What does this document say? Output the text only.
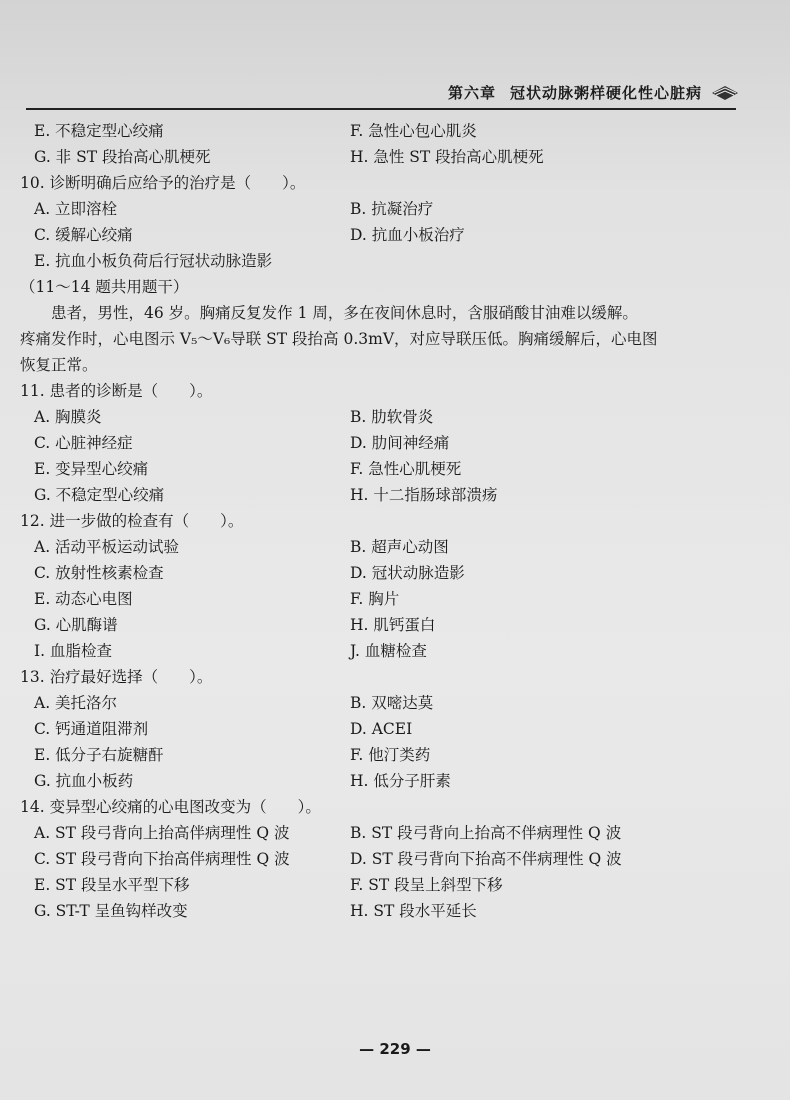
第六章 冠状动脉粥样硬化性心脏病
E. 不稳定型心绞痛	F. 急性心包心肌炎
G. 非 ST 段抬高心肌梗死	H. 急性 ST 段抬高心肌梗死
10. 诊断明确后应给予的治疗是（　　）。
A. 立即溶栓	B. 抗凝治疗
C. 缓解心绞痛	D. 抗血小板治疗
E. 抗血小板负荷后行冠状动脉造影
（11～14 题共用题干）
　　患者，男性，46 岁。胸痛反复发作 1 周，多在夜间休息时，含服硝酸甘油难以缓解。
疼痛发作时，心电图示 V₅～V₆导联 ST 段抬高 0.3mV，对应导联压低。胸痛缓解后，心电图
恢复正常。
11. 患者的诊断是（　　）。
A. 胸膜炎	B. 肋软骨炎
C. 心脏神经症	D. 肋间神经痛
E. 变异型心绞痛	F. 急性心肌梗死
G. 不稳定型心绞痛	H. 十二指肠球部溃疡
12. 进一步做的检查有（　　）。
A. 活动平板运动试验	B. 超声心动图
C. 放射性核素检查	D. 冠状动脉造影
E. 动态心电图	F. 胸片
G. 心肌酶谱	H. 肌钙蛋白
I. 血脂检查	J. 血糖检查
13. 治疗最好选择（　　）。
A. 美托洛尔	B. 双嘧达莫
C. 钙通道阻滞剂	D. ACEI
E. 低分子右旋糖酐	F. 他汀类药
G. 抗血小板药	H. 低分子肝素
14. 变异型心绞痛的心电图改变为（　　）。
A. ST 段弓背向上抬高伴病理性 Q 波	B. ST 段弓背向上抬高不伴病理性 Q 波
C. ST 段弓背向下抬高伴病理性 Q 波	D. ST 段弓背向下抬高不伴病理性 Q 波
E. ST 段呈水平型下移	F. ST 段呈上斜型下移
G. ST-T 呈鱼钩样改变	H. ST 段水平延长
— 229 —
